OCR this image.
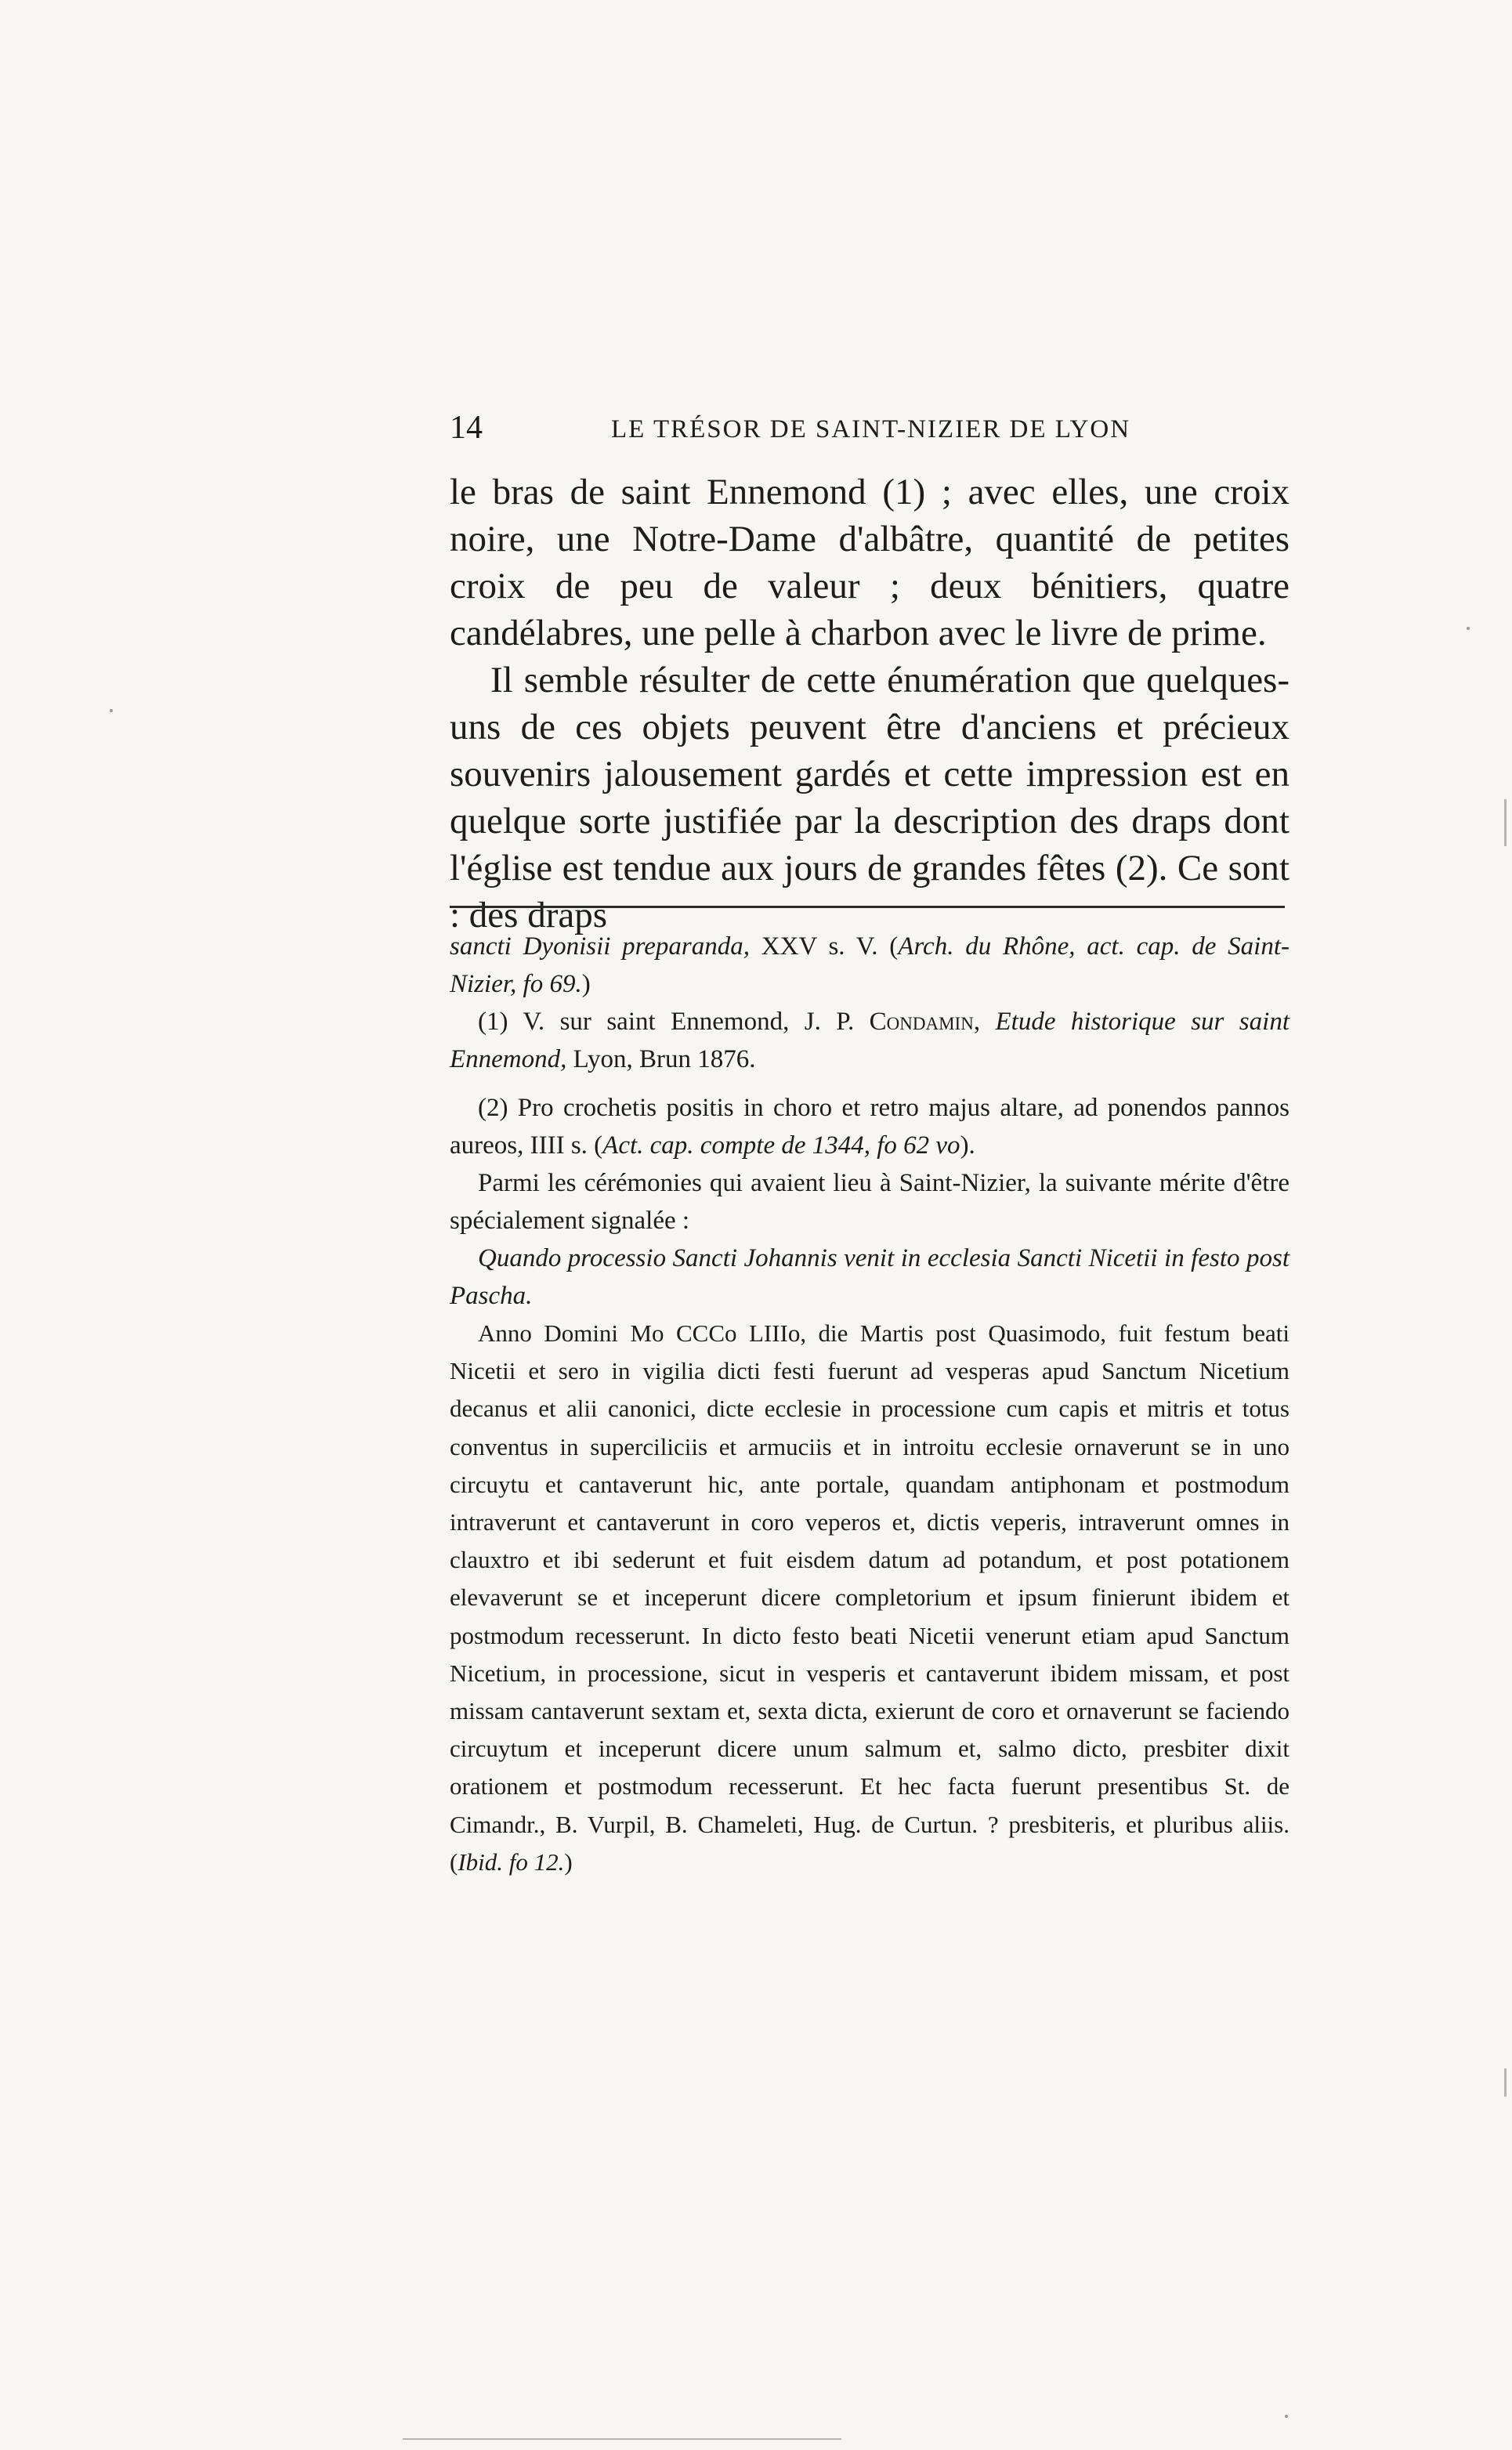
14	LE TRÉSOR DE SAINT-NIZIER DE LYON

le bras de saint Ennemond (1) ; avec elles, une croix noire, une Notre-Dame d'albâtre, quantité de petites croix de peu de valeur ; deux bénitiers, quatre candélabres, une pelle à charbon avec le livre de prime.

Il semble résulter de cette énumération que quelques-uns de ces objets peuvent être d'anciens et précieux souvenirs jalousement gardés et cette impression est en quelque sorte justifiée par la description des draps dont l'église est tendue aux jours de grandes fêtes (2). Ce sont : des draps

sancti Dyonisii preparanda, XXV s. V. (Arch. du Rhône, act. cap. de Saint-Nizier, fo 69.)

(1) V. sur saint Ennemond, J. P. Condamin, Etude historique sur saint Ennemond, Lyon, Brun 1876.

(2) Pro crochetis positis in choro et retro majus altare, ad ponendos pannos aureos, IIII s. (Act. cap. compte de 1344, fo 62 vo).

Parmi les cérémonies qui avaient lieu à Saint-Nizier, la suivante mérite d'être spécialement signalée :

Quando processio Sancti Johannis venit in ecclesia Sancti Nicetii in festo post Pascha.

Anno Domini Mo CCCo LIIIo, die Martis post Quasimodo, fuit festum beati Nicetii et sero in vigilia dicti festi fuerunt ad vesperas apud Sanctum Nicetium decanus et alii canonici, dicte ecclesie in processione cum capis et mitris et totus conventus in superciliciis et armuciis et in introitu ecclesie ornaverunt se in uno circuytu et cantaverunt hic, ante portale, quandam antiphonam et postmodum intraverunt et cantaverunt in coro veperos et, dictis veperis, intraverunt omnes in clauxtro et ibi sederunt et fuit eisdem datum ad potandum, et post potationem elevaverunt se et inceperunt dicere completorium et ipsum finierunt ibidem et postmodum recesserunt. In dicto festo beati Nicetii venerunt etiam apud Sanctum Nicetium, in processione, sicut in vesperis et cantaverunt ibidem missam, et post missam cantaverunt sextam et, sexta dicta, exierunt de coro et ornaverunt se faciendo circuytum et inceperunt dicere unum salmum et, salmo dicto, presbiter dixit orationem et postmodum recesserunt. Et hec facta fuerunt presentibus St. de Cimandr., B. Vurpil, B. Chameleti, Hug. de Curtun. ? presbiteris, et pluribus aliis. (Ibid. fo 12.)
